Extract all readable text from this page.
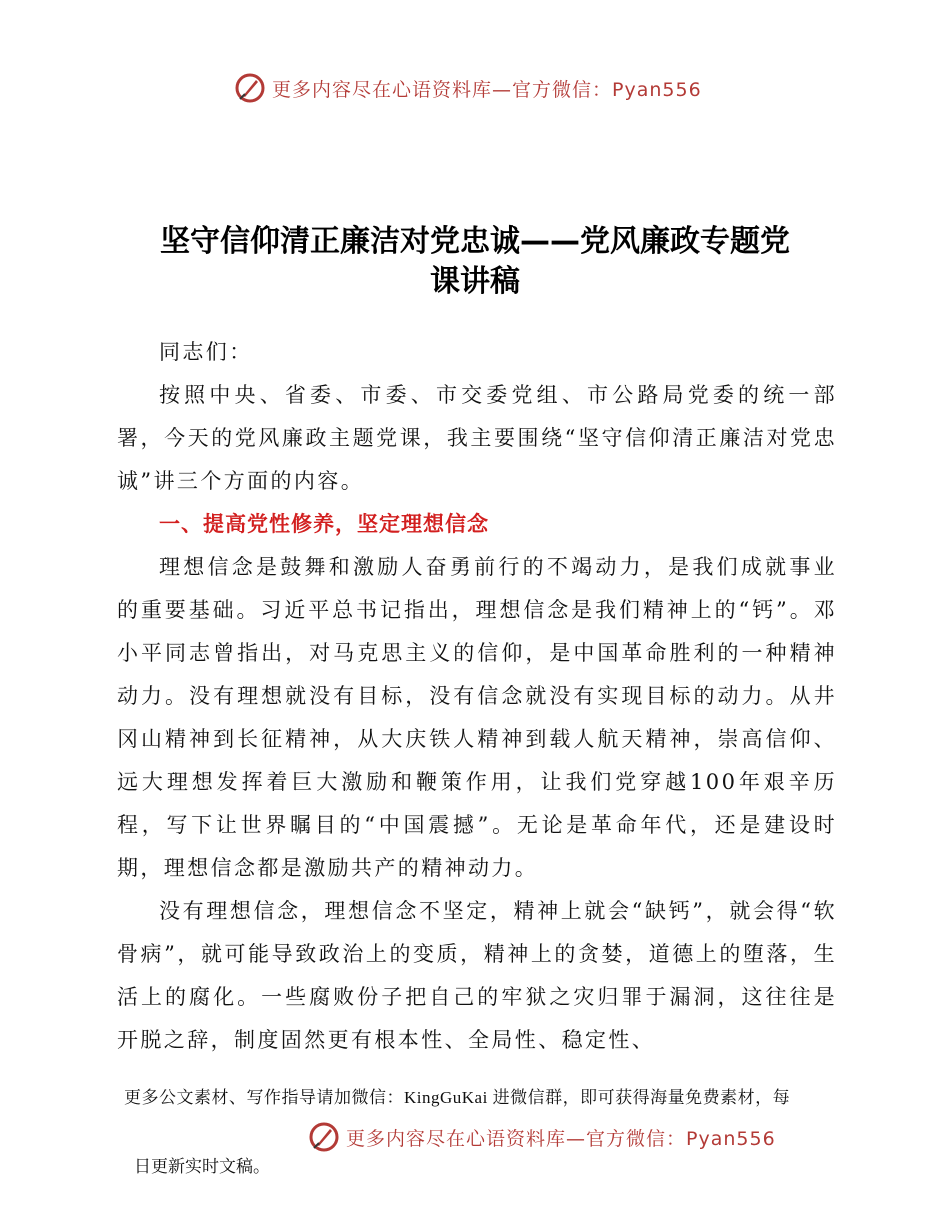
更多内容尽在心语资料库—官方微信：Pyan556
坚守信仰清正廉洁对党忠诚——党风廉政专题党
课讲稿

同志们：

按照中央、省委、市委、市交委党组、市公路局党委的统一部署，今天的党风廉政主题党课，我主要围绕“坚守信仰清正廉洁对党忠诚”讲三个方面的内容。

一、提高党性修养，坚定理想信念

理想信念是鼓舞和激励人奋勇前行的不竭动力，是我们成就事业的重要基础。习近平总书记指出，理想信念是我们精神上的“钙”。邓小平同志曾指出，对马克思主义的信仰，是中国革命胜利的一种精神动力。没有理想就没有目标，没有信念就没有实现目标的动力。从井冈山精神到长征精神，从大庆铁人精神到载人航天精神，崇高信仰、远大理想发挥着巨大激励和鞭策作用，让我们党穿越100年艰辛历程，写下让世界瞩目的“中国震撼”。无论是革命年代，还是建设时期，理想信念都是激励共产的精神动力。

没有理想信念，理想信念不坚定，精神上就会“缺钙”，就会得“软骨病”，就可能导致政治上的变质，精神上的贪婪，道德上的堕落，生活上的腐化。一些腐败份子把自己的牢狱之灾归罪于漏洞，这往往是开脱之辞，制度固然更有根本性、全局性、稳定性、

更多公文素材、写作指导请加微信：KingGuKai 进微信群，即可获得海量免费素材，每
更多内容尽在心语资料库—官方微信：Pyan556
日更新实时文稿。
